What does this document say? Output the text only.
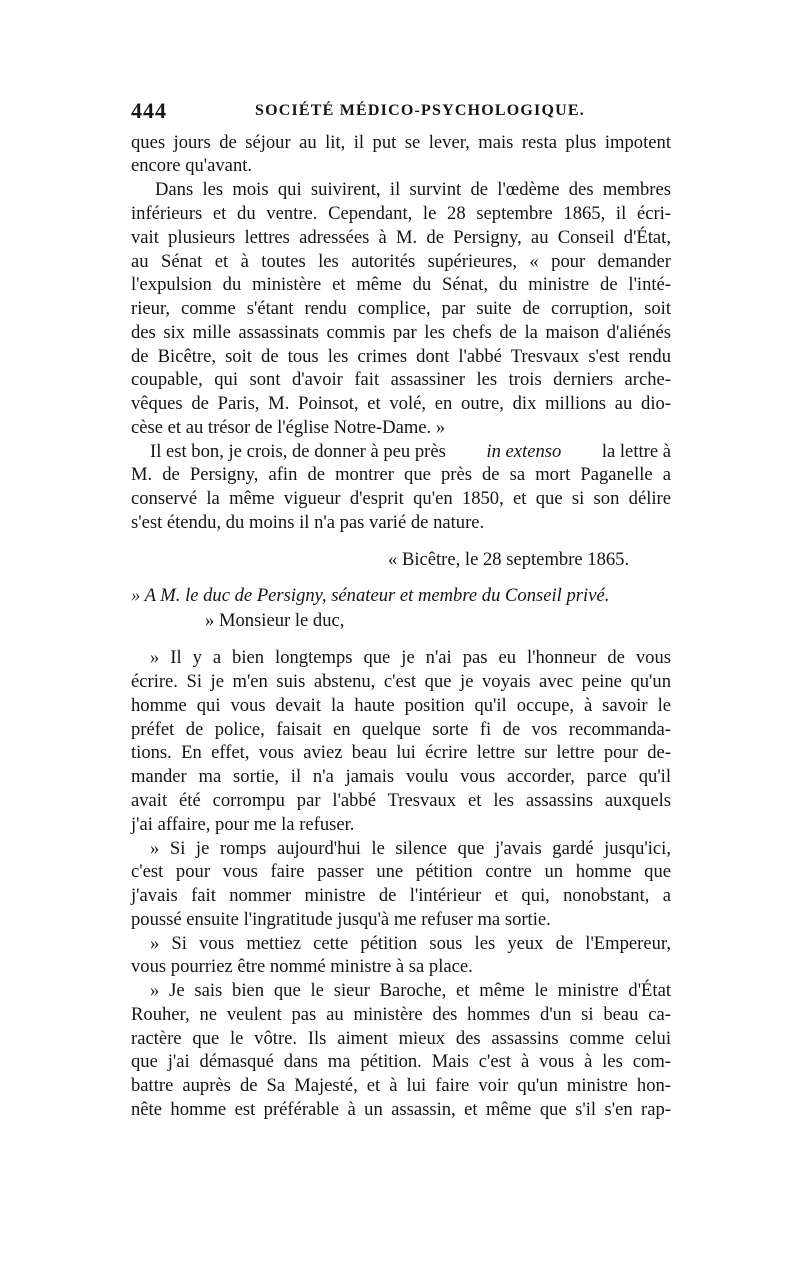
444	SOCIÉTÉ MÉDICO-PSYCHOLOGIQUE.
ques jours de séjour au lit, il put se lever, mais resta plus impotent
encore qu'avant.
Dans les mois qui suivirent, il survint de l'œdème des membres
inférieurs et du ventre. Cependant, le 28 septembre 1865, il écri-
vait plusieurs lettres adressées à M. de Persigny, au Conseil d'État,
au Sénat et à toutes les autorités supérieures, « pour demander
l'expulsion du ministère et même du Sénat, du ministre de l'inté-
rieur, comme s'étant rendu complice, par suite de corruption, soit
des six mille assassinats commis par les chefs de la maison d'aliénés
de Bicêtre, soit de tous les crimes dont l'abbé Tresvaux s'est rendu
coupable, qui sont d'avoir fait assassiner les trois derniers arche-
vêques de Paris, M. Poinsot, et volé, en outre, dix millions au dio-
cèse et au trésor de l'église Notre-Dame. »
Il est bon, je crois, de donner à peu près in extenso la lettre à
M. de Persigny, afin de montrer que près de sa mort Paganelle a
conservé la même vigueur d'esprit qu'en 1850, et que si son délire
s'est étendu, du moins il n'a pas varié de nature.
« Bicêtre, le 28 septembre 1865.
» A M. le duc de Persigny, sénateur et membre du Conseil privé.
» Monsieur le duc,
» Il y a bien longtemps que je n'ai pas eu l'honneur de vous
écrire. Si je m'en suis abstenu, c'est que je voyais avec peine qu'un
homme qui vous devait la haute position qu'il occupe, à savoir le
préfet de police, faisait en quelque sorte fi de vos recommanda-
tions. En effet, vous aviez beau lui écrire lettre sur lettre pour de-
mander ma sortie, il n'a jamais voulu vous accorder, parce qu'il
avait été corrompu par l'abbé Tresvaux et les assassins auxquels
j'ai affaire, pour me la refuser.
» Si je romps aujourd'hui le silence que j'avais gardé jusqu'ici,
c'est pour vous faire passer une pétition contre un homme que
j'avais fait nommer ministre de l'intérieur et qui, nonobstant, a
poussé ensuite l'ingratitude jusqu'à me refuser ma sortie.
» Si vous mettiez cette pétition sous les yeux de l'Empereur,
vous pourriez être nommé ministre à sa place.
» Je sais bien que le sieur Baroche, et même le ministre d'État
Rouher, ne veulent pas au ministère des hommes d'un si beau ca-
ractère que le vôtre. Ils aiment mieux des assassins comme celui
que j'ai démasqué dans ma pétition. Mais c'est à vous à les com-
battre auprès de Sa Majesté, et à lui faire voir qu'un ministre hon-
nête homme est préférable à un assassin, et même que s'il s'en rap-
